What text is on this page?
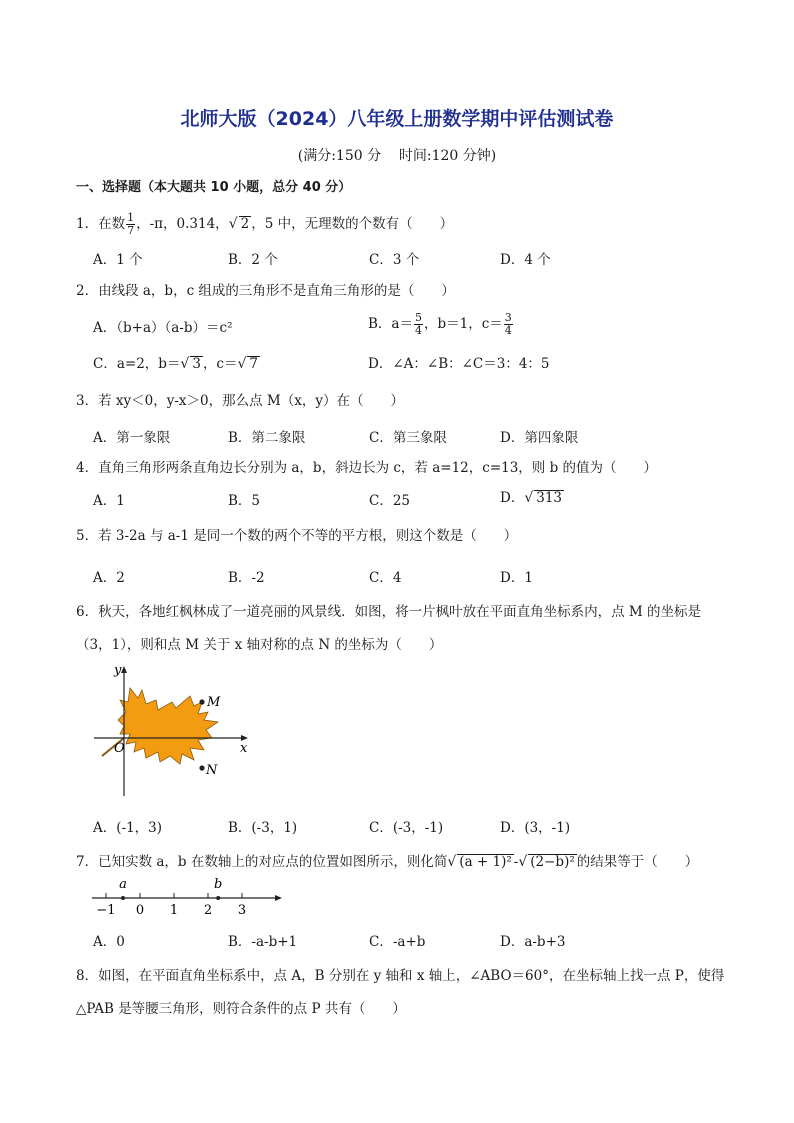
北师大版（2024）八年级上册数学期中评估测试卷
(满分:150 分    时间:120 分钟)
一、选择题（本大题共 10 小题，总分 40 分）
1．在数 $\frac{1}{7}$ ，-π，0.314，√ 2 ，5 中，无理数的个数有（　　）
A．1 个	B．2 个	C．3 个	D．4 个
2．由线段 a，b，c 组成的三角形不是直角三角形的是（　　）
A．（b+a）（a-b）＝c²	B．$a= \frac{5}{4}$ ，b＝1，$c= \frac{3}{4}$
C．a=2，b＝√ 3 ，c＝√ 7	D．∠A：∠B：∠C＝3：4：5
3．若 xy＜0，y-x＞0，那么点 M（x，y）在（　　）
A．第一象限	B．第二象限	C．第三象限	D．第四象限
4．直角三角形两条直角边长分别为 a，b，斜边长为 c，若 a=12，c=13，则 b 的值为（　　）
A．1	B．5	C．25	D．√ 313
5．若 3-2a 与 a-1 是同一个数的两个不等的平方根，则这个数是（　　）
A．2	B．-2	C．4	D．1
6．秋天，各地红枫林成了一道亮丽的风景线．如图，将一片枫叶放在平面直角坐标系内，点 M 的坐标是
（3，1），则和点 M 关于 x 轴对称的点 N 的坐标为（　　）
y
x
O
M
N
A．(-1，3)	B．(-3，1)	C．(-3，-1)	D．(3，-1)
7．已知实数 a，b 在数轴上的对应点的位置如图所示，则化简√ (a + 1)² -√ (2−b)² 的结果等于（　　）
−1 0 1 2 3
a	b
A．0	B．-a-b+1	C．-a+b	D．a-b+3
8．如图，在平面直角坐标系中，点 A，B 分别在 y 轴和 x 轴上，∠ABO＝60°，在坐标轴上找一点 P，使得
△PAB 是等腰三角形，则符合条件的点 P 共有（　　）
